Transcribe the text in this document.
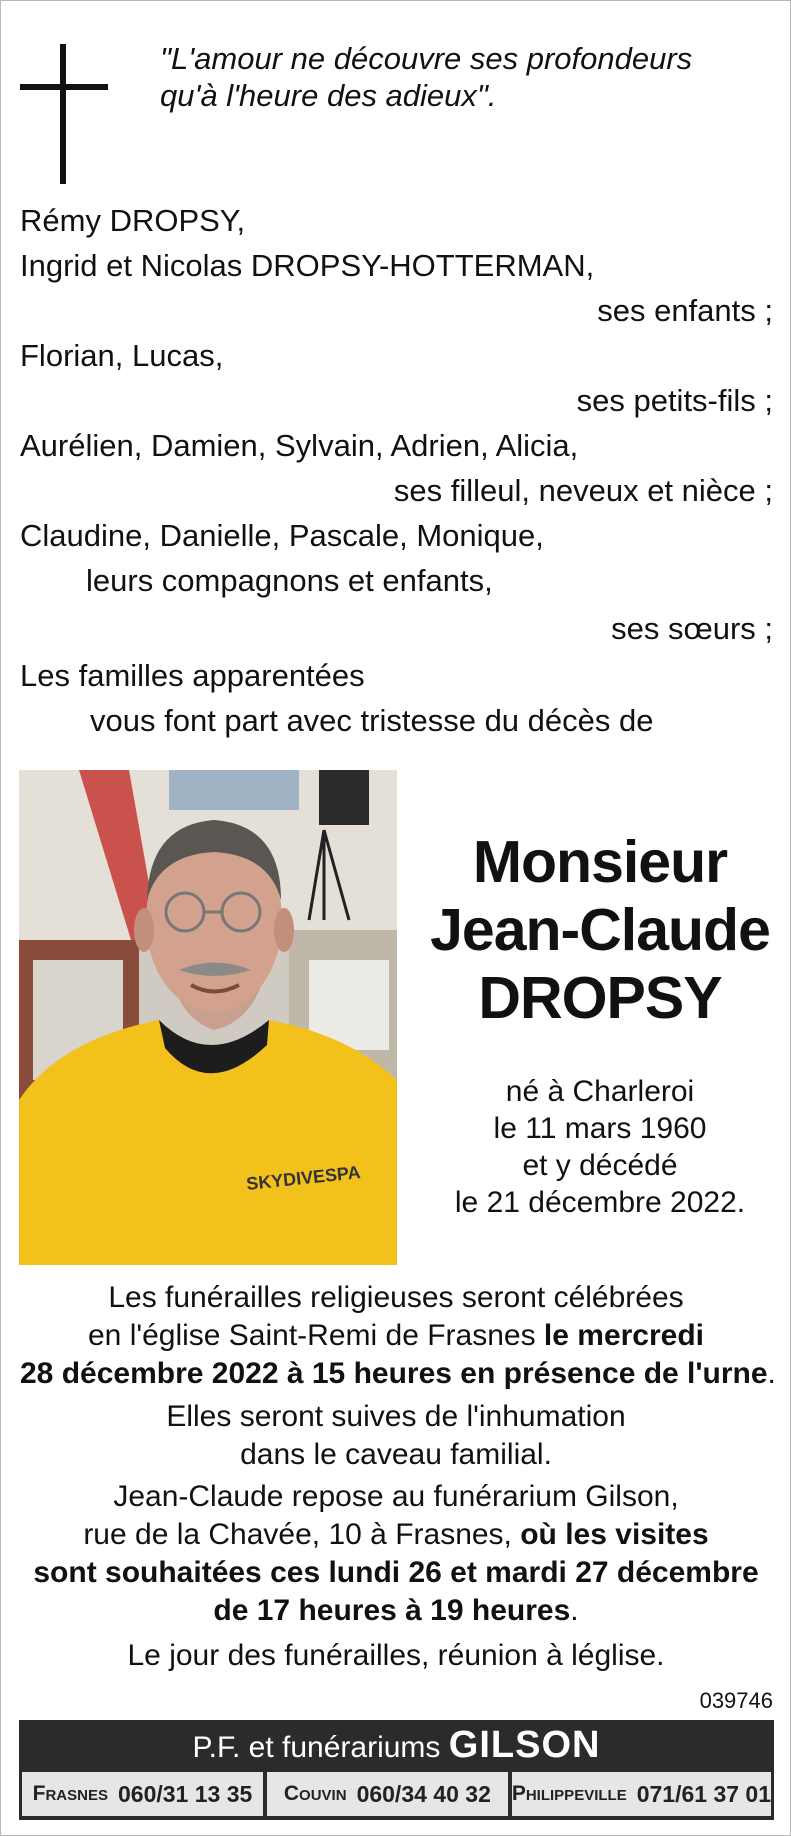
"L'amour ne découvre ses profondeurs
qu'à l'heure des adieux".
Rémy DROPSY,
Ingrid et Nicolas DROPSY-HOTTERMAN,
ses enfants ;
Florian, Lucas,
ses petits-fils ;
Aurélien, Damien, Sylvain, Adrien, Alicia,
ses filleul, neveux et nièce ;
Claudine, Danielle, Pascale, Monique,
leurs compagnons et enfants,
ses sœurs ;
Les familles apparentées
vous font part avec tristesse du décès de
SKYDIVESPA
Monsieur
Jean-Claude
DROPSY
né à Charleroi
le 11 mars 1960
et y décédé
le 21 décembre 2022.
Les funérailles religieuses seront célébrées
en l'église Saint-Remi de Frasnes le mercredi
28 décembre 2022 à 15 heures en présence de l'urne.
Elles seront suives de l'inhumation
dans le caveau familial.
Jean-Claude repose au funérarium Gilson,
rue de la Chavée, 10 à Frasnes, où les visites
sont souhaitées ces lundi 26 et mardi 27 décembre
de 17 heures à 19 heures.
Le jour des funérailles, réunion à léglise.
039746
P.F. et funérariums GILSON
Frasnes 060/31 13 35 Couvin 060/34 40 32 Philippeville 071/61 37 01
